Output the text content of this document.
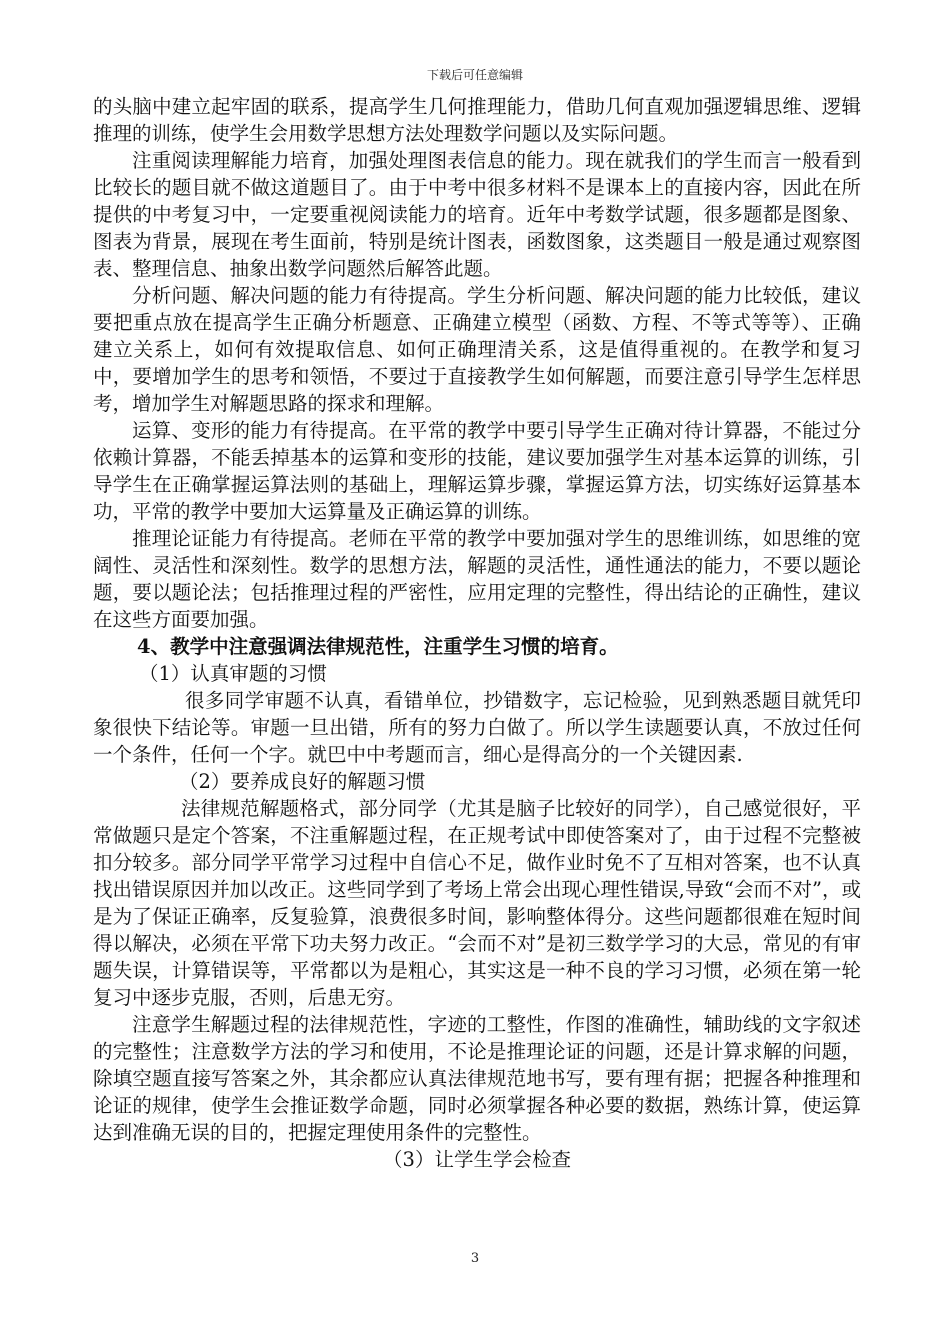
下载后可任意编辑

的头脑中建立起牢固的联系，提高学生几何推理能力，借助几何直观加强逻辑思维、逻辑推理的训练，使学生会用数学思想方法处理数学问题以及实际问题。

注重阅读理解能力培育，加强处理图表信息的能力。现在就我们的学生而言一般看到比较长的题目就不做这道题目了。由于中考中很多材料不是课本上的直接内容，因此在所提供的中考复习中，一定要重视阅读能力的培育。近年中考数学试题，很多题都是图象、图表为背景，展现在考生面前，特别是统计图表，函数图象，这类题目一般是通过观察图表、整理信息、抽象出数学问题然后解答此题。

分析问题、解决问题的能力有待提高。学生分析问题、解决问题的能力比较低，建议要把重点放在提高学生正确分析题意、正确建立模型（函数、方程、不等式等等）、正确建立关系上，如何有效提取信息、如何正确理清关系，这是值得重视的。在教学和复习中，要增加学生的思考和领悟，不要过于直接教学生如何解题，而要注意引导学生怎样思考，增加学生对解题思路的探求和理解。

运算、变形的能力有待提高。在平常的教学中要引导学生正确对待计算器，不能过分依赖计算器，不能丢掉基本的运算和变形的技能，建议要加强学生对基本运算的训练，引导学生在正确掌握运算法则的基础上，理解运算步骤，掌握运算方法，切实练好运算基本功，平常的教学中要加大运算量及正确运算的训练。

推理论证能力有待提高。老师在平常的教学中要加强对学生的思维训练，如思维的宽阔性、灵活性和深刻性。数学的思想方法，解题的灵活性，通性通法的能力，不要以题论题，要以题论法；包括推理过程的严密性，应用定理的完整性，得出结论的正确性，建议在这些方面要加强。

4、教学中注意强调法律规范性，注重学生习惯的培育。

（1）认真审题的习惯

很多同学审题不认真，看错单位，抄错数字，忘记检验，见到熟悉题目就凭印象很快下结论等。审题一旦出错，所有的努力白做了。所以学生读题要认真，不放过任何一个条件，任何一个字。就巴中中考题而言，细心是得高分的一个关键因素.

（2）要养成良好的解题习惯

法律规范解题格式，部分同学（尤其是脑子比较好的同学），自己感觉很好，平常做题只是定个答案，不注重解题过程，在正规考试中即使答案对了，由于过程不完整被扣分较多。部分同学平常学习过程中自信心不足，做作业时免不了互相对答案，也不认真找出错误原因并加以改正。这些同学到了考场上常会出现心理性错误,导致“会而不对”，或是为了保证正确率，反复验算，浪费很多时间，影响整体得分。这些问题都很难在短时间得以解决，必须在平常下功夫努力改正。“会而不对”是初三数学学习的大忌，常见的有审题失误，计算错误等，平常都以为是粗心，其实这是一种不良的学习习惯，必须在第一轮复习中逐步克服，否则，后患无穷。

注意学生解题过程的法律规范性，字迹的工整性，作图的准确性，辅助线的文字叙述的完整性；注意数学方法的学习和使用，不论是推理论证的问题，还是计算求解的问题，除填空题直接写答案之外，其余都应认真法律规范地书写，要有理有据；把握各种推理和论证的规律，使学生会推证数学命题，同时必须掌握各种必要的数据，熟练计算，使运算达到准确无误的目的，把握定理使用条件的完整性。

（3）让学生学会检查

3
